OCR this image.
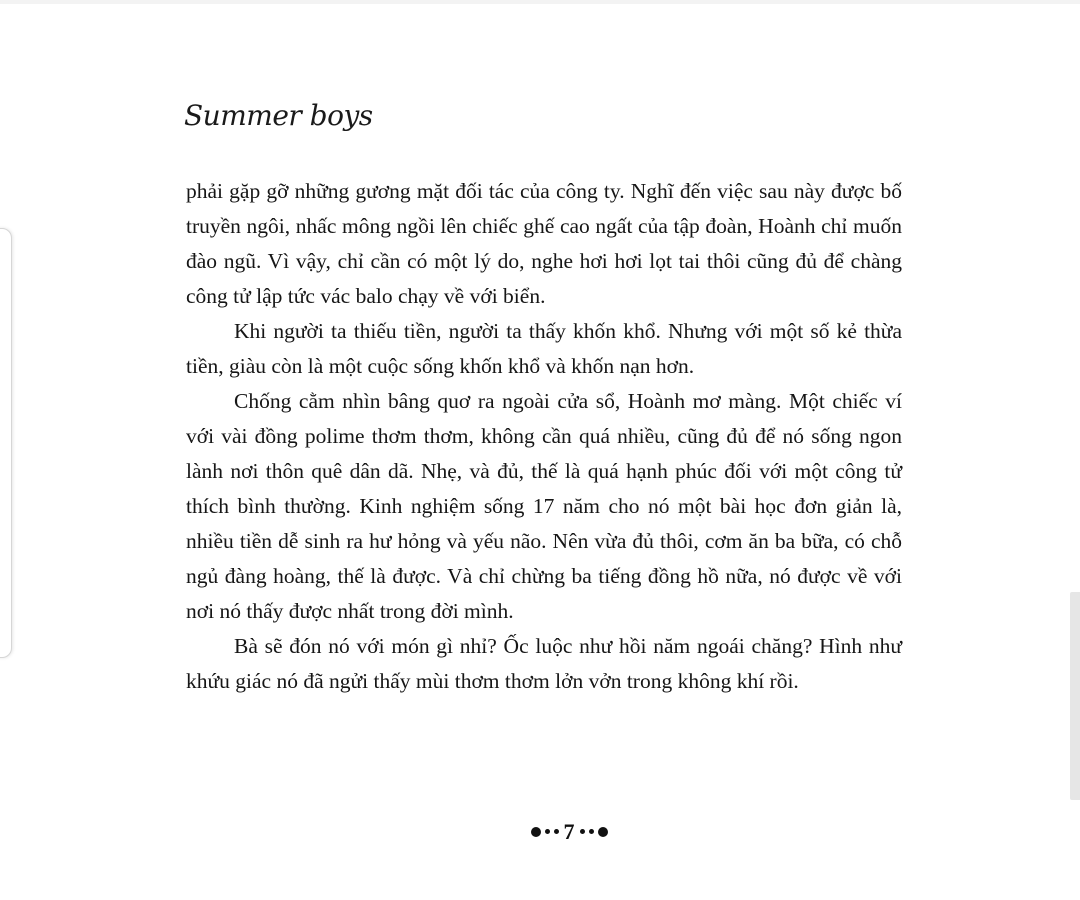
Summer boys

phải gặp gỡ những gương mặt đối tác của công ty. Nghĩ đến việc sau này được bố truyền ngôi, nhấc mông ngồi lên chiếc ghế cao ngất của tập đoàn, Hoành chỉ muốn đào ngũ. Vì vậy, chỉ cần có một lý do, nghe hơi hơi lọt tai thôi cũng đủ để chàng công tử lập tức vác balo chạy về với biển.

Khi người ta thiếu tiền, người ta thấy khốn khổ. Nhưng với một số kẻ thừa tiền, giàu còn là một cuộc sống khốn khổ và khốn nạn hơn.

Chống cằm nhìn bâng quơ ra ngoài cửa sổ, Hoành mơ màng. Một chiếc ví với vài đồng polime thơm thơm, không cần quá nhiều, cũng đủ để nó sống ngon lành nơi thôn quê dân dã. Nhẹ, và đủ, thế là quá hạnh phúc đối với một công tử thích bình thường. Kinh nghiệm sống 17 năm cho nó một bài học đơn giản là, nhiều tiền dễ sinh ra hư hỏng và yếu não. Nên vừa đủ thôi, cơm ăn ba bữa, có chỗ ngủ đàng hoàng, thế là được. Và chỉ chừng ba tiếng đồng hồ nữa, nó được về với nơi nó thấy được nhất trong đời mình.

Bà sẽ đón nó với món gì nhỉ? Ốc luộc như hồi năm ngoái chăng? Hình như khứu giác nó đã ngửi thấy mùi thơm thơm lởn vởn trong không khí rồi.

7
